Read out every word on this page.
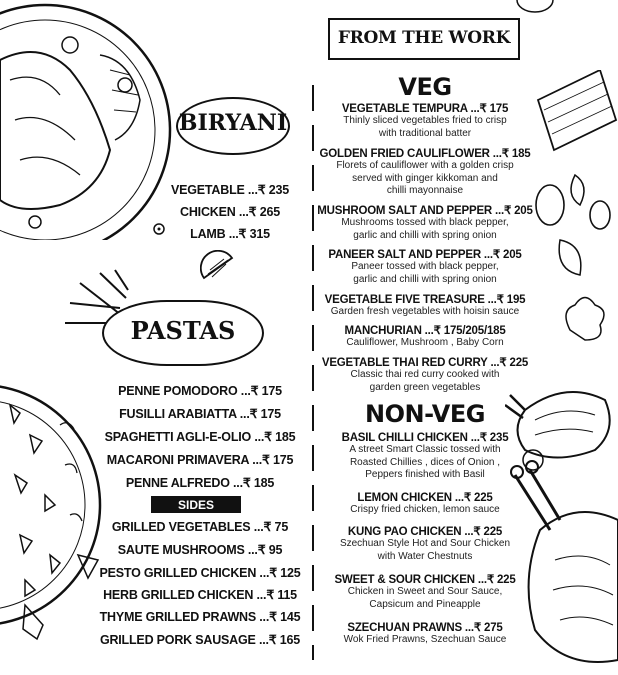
FROM THE WORK
BIRYANI
VEGETABLE ...₹ 235
CHICKEN ...₹ 265
LAMB ...₹ 315
PASTAS
PENNE POMODORO ...₹ 175
FUSILLI ARABIATTA ...₹ 175
SPAGHETTI AGLI-E-OLIO ...₹ 185
MACARONI PRIMAVERA ...₹ 175
PENNE ALFREDO ...₹ 185
SIDES
GRILLED VEGETABLES ...₹ 75
SAUTE MUSHROOMS ...₹ 95
PESTO GRILLED CHICKEN ...₹ 125
HERB GRILLED CHICKEN ...₹ 115
THYME GRILLED PRAWNS ...₹ 145
GRILLED PORK SAUSAGE ...₹ 165
VEG
VEGETABLE TEMPURA ...₹ 175
Thinly sliced vegetables fried to crisp
with traditional batter
GOLDEN FRIED CAULIFLOWER ...₹ 185
Florets of cauliflower with a golden crisp
served with ginger kikkoman and
chilli mayonnaise
MUSHROOM SALT AND PEPPER ...₹ 205
Mushrooms tossed with black pepper,
garlic and chilli with spring onion
PANEER SALT AND PEPPER ...₹ 205
Paneer tossed with black pepper,
garlic and chilli with spring onion
VEGETABLE FIVE TREASURE ...₹ 195
Garden fresh vegetables with hoisin sauce
MANCHURIAN ...₹ 175/205/185
Cauliflower, Mushroom , Baby Corn
VEGETABLE THAI RED CURRY ...₹ 225
Classic thai red curry cooked with
garden green vegetables
NON-VEG
BASIL CHILLI CHICKEN ...₹ 235
A street Smart Classic tossed with
Roasted Chillies , dices of Onion ,
Peppers finished with Basil
LEMON CHICKEN ...₹ 225
Crispy fried chicken, lemon sauce
KUNG PAO CHICKEN ...₹ 225
Szechuan Style Hot and Sour Chicken
with Water Chestnuts
SWEET & SOUR CHICKEN ...₹ 225
Chicken in Sweet and Sour Sauce,
Capsicum and Pineapple
SZECHUAN PRAWNS ...₹ 275
Wok Fried Prawns, Szechuan Sauce
